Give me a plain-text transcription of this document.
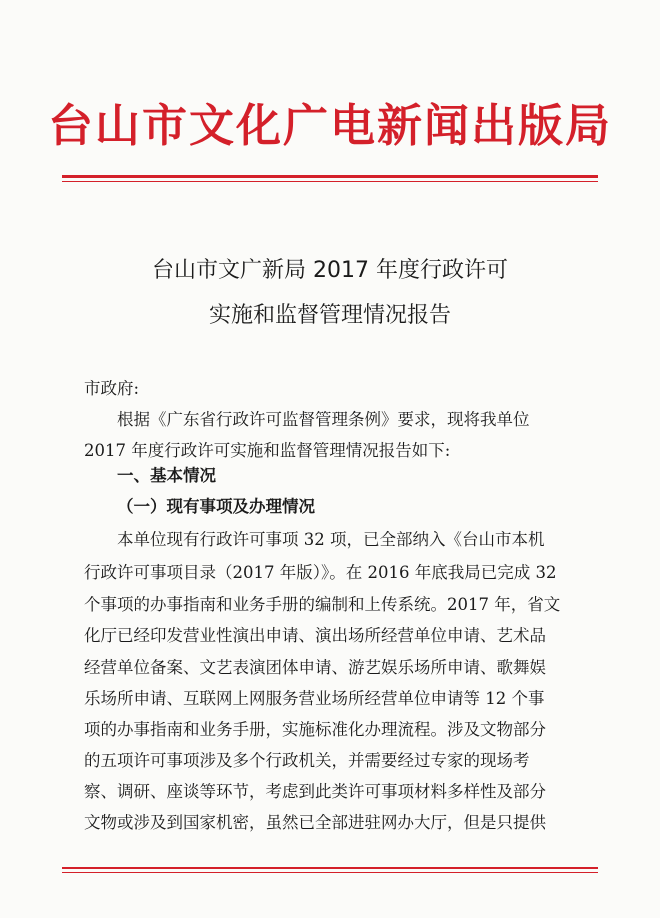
台山市文化广电新闻出版局
台山市文广新局 2017 年度行政许可
实施和监督管理情况报告
市政府:
根据《广东省行政许可监督管理条例》要求，现将我单位
2017 年度行政许可实施和监督管理情况报告如下:
一、基本情况
（一）现有事项及办理情况
本单位现有行政许可事项 32 项，已全部纳入《台山市本机
行政许可事项目录（2017 年版）》。在 2016 年底我局已完成 32
个事项的办事指南和业务手册的编制和上传系统。2017 年，省文
化厅已经印发营业性演出申请、演出场所经营单位申请、艺术品
经营单位备案、文艺表演团体申请、游艺娱乐场所申请、歌舞娱
乐场所申请、互联网上网服务营业场所经营单位申请等 12 个事
项的办事指南和业务手册，实施标准化办理流程。涉及文物部分
的五项许可事项涉及多个行政机关，并需要经过专家的现场考
察、调研、座谈等环节，考虑到此类许可事项材料多样性及部分
文物或涉及到国家机密，虽然已全部进驻网办大厅，但是只提供
